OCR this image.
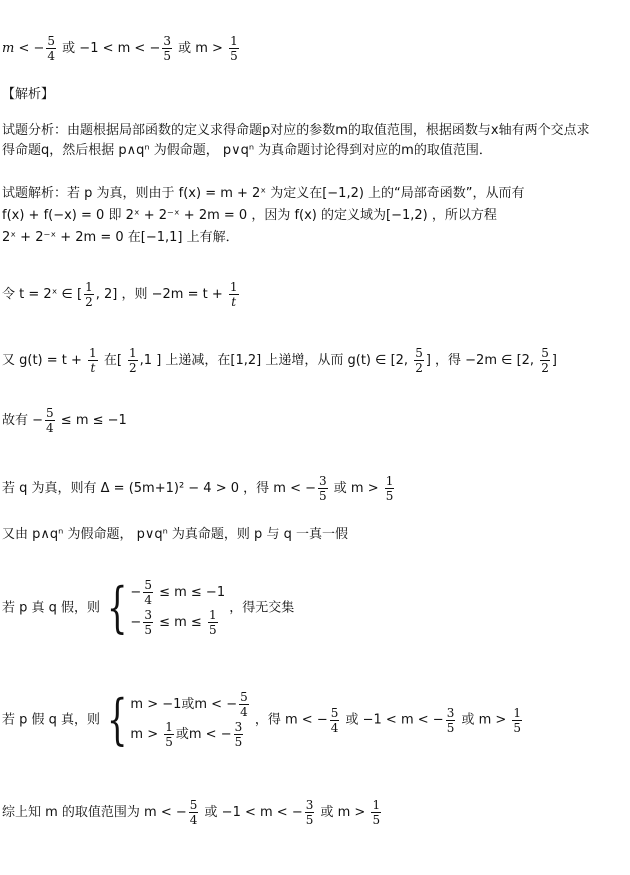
m < − $\frac{5}{4}$ 或 −1 < m < − $\frac{3}{5}$ 或 $m > \frac{1}{5}$
【解析】
试题分析：由题根据局部函数的定义求得命题p对应的参数m的取值范围，根据函数与x轴有两个交点求
得命题q，然后根据 p∧qⁿ 为假命题， p∨qⁿ 为真命题讨论得到对应的m的取值范围．
试题解析：若 p 为真，则由于 f(x) = m + 2ˣ 为定义在[−1,2) 上的“局部奇函数”，从而有
f(x) + f(−x) = 0 即 2ˣ + 2⁻ˣ + 2m = 0 ，因为 f(x) 的定义域为[−1,2) ，所以方程
2ˣ + 2⁻ˣ + 2m = 0 在[−1,1] 上有解．
令 t = 2ˣ ∈ [ $\frac{1}{2}$ , 2] ，则 $-2m = t + \frac{1}{t}$
又 $g(t) = t + \frac{1}{t}$ 在[ $\frac{1}{2} ,1$ ] 上递减，在[1,2] 上递增，从而 g(t) ∈ [2, $\frac{5}{2}$ ] ，得 −2m ∈ [2, $\frac{5}{2}$ ]
故有 − $\frac{5}{4} \le m \le -1$
若 q 为真，则有 Δ = (5m+1)² − 4 > 0 ，得 m < − $\frac{3}{5}$ 或 $m > \frac{1}{5}$
又由 p∧qⁿ 为假命题， p∨qⁿ 为真命题，则 p 与 q 一真一假
若 p 真 q 假，则 { − $\frac{5}{4} \le m \le -1$
− $\frac{3}{5} \le m \le \frac{1}{5}$ ，得无交集
若 p 假 q 真，则 { m > −1或m < − $\frac{5}{4}$
$m > \frac{1}{5}$ 或m < − $\frac{3}{5}$ ，得 m < − $\frac{5}{4}$ 或 −1 < m < − $\frac{3}{5}$ 或 $m > \frac{1}{5}$
综上知 m 的取值范围为 m < − $\frac{5}{4}$ 或 −1 < m < − $\frac{3}{5}$ 或 $m > \frac{1}{5}$
